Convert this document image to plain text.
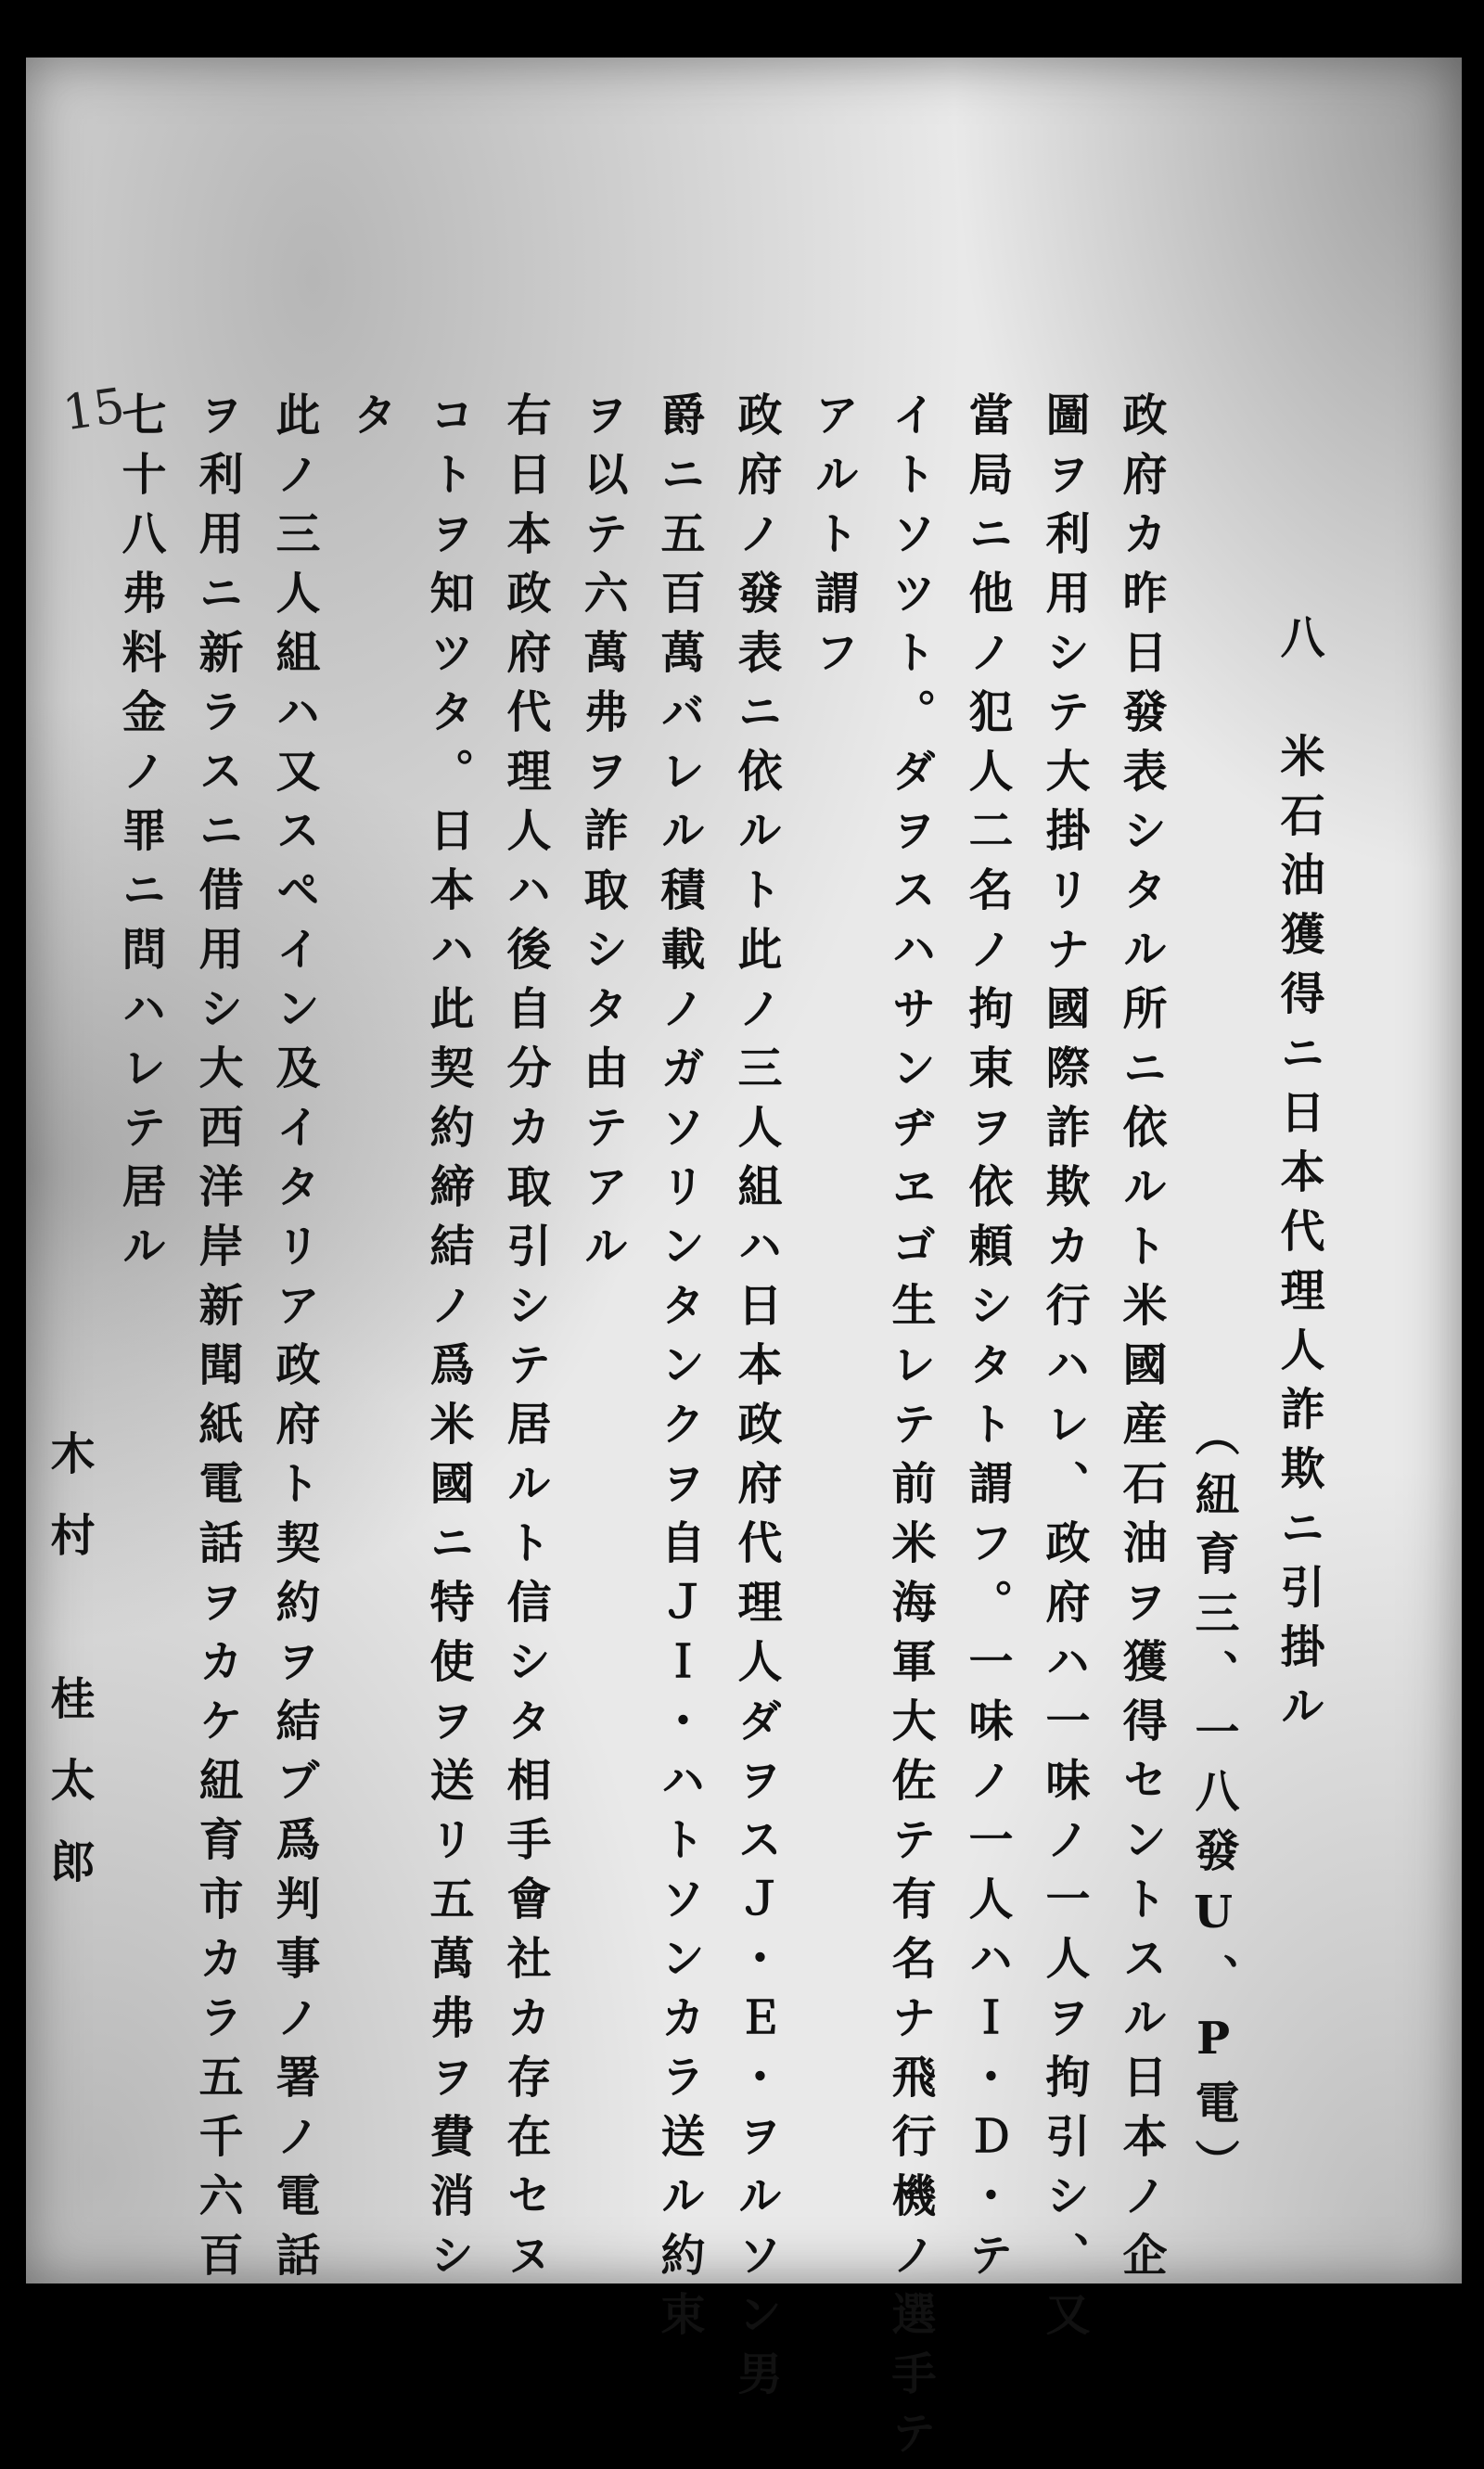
15
八　米石油獲得ニ日本代理人詐欺ニ引掛ル
（紐育三、一八發U、P電）
政府カ昨日發表シタル所ニ依ルト米國産石油ヲ獲得セントスル日本ノ企
圖ヲ利用シテ大掛リナ國際詐欺カ行ハレ、政府ハ一味ノ一人ヲ拘引シ、又
當局ニ他ノ犯人二名ノ拘束ヲ依頼シタト謂フ。一味ノ一人ハＩ・Ｄ・テ
イトソツト。ダヲスハサンヂヱゴ生レテ前米海軍大佐テ有名ナ飛行機ノ選手テ
アルト謂フ
政府ノ發表ニ依ルト此ノ三人組ハ日本政府代理人ダヲスＪ・Ｅ・ヲルソン男
爵ニ五百萬バレル積載ノガソリンタンクヲ自ＪＩ・ハトソンカラ送ル約束
ヲ以テ六萬弗ヲ詐取シタ由テアル
右日本政府代理人ハ後自分カ取引シテ居ルト信シタ相手會社カ存在セヌ
コトヲ知ツタ。日本ハ此契約締結ノ爲米國ニ特使ヲ送リ五萬弗ヲ費消シ
タ
此ノ三人組ハ又スペイン及イタリア政府ト契約ヲ結ブ爲判事ノ署ノ電話
ヲ利用ニ新ラスニ借用シ大西洋岸新聞紙電話ヲカケ紐育市カラ五千六百
七十八弗料金ノ罪ニ問ハレテ居ル
木村　桂太郎
